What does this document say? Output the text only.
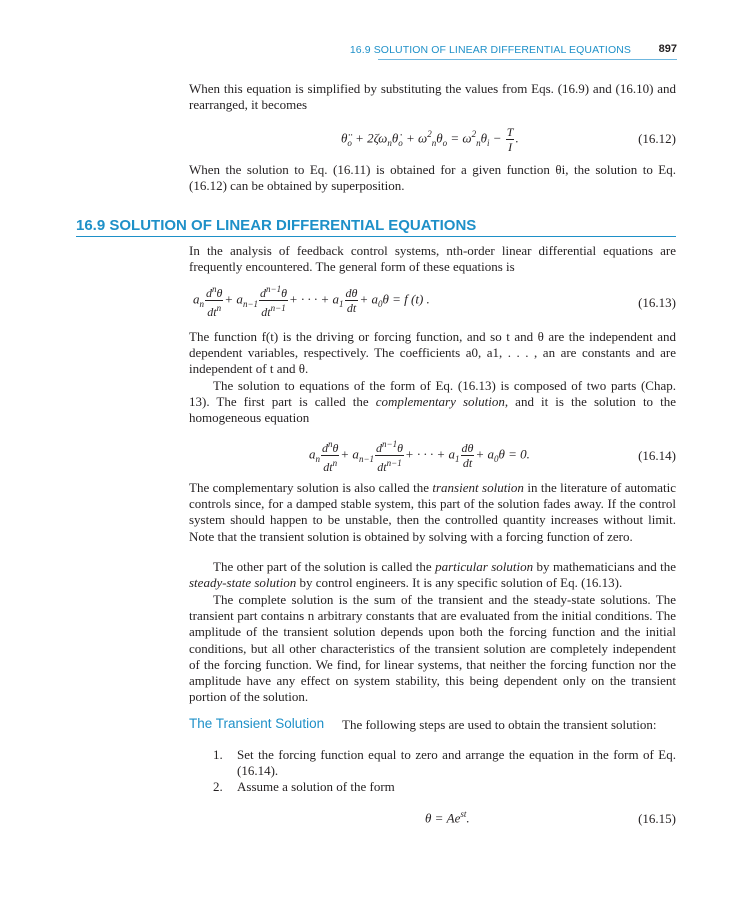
16.9 SOLUTION OF LINEAR DIFFERENTIAL EQUATIONS	897

When this equation is simplified by substituting the values from Eqs. (16.9) and (16.10) and rearranged, it becomes

$\thetä_o$ + $2\zeta\omega_n\thetȧ_o + \omega^2_n\theta_o = \omega^2_n\theta_i - \frac{T}{I}$ .	(16.12)

When the solution to Eq. (16.11) is obtained for a given function θi, the solution to Eq. (16.12) can be obtained by superposition.

16.9 SOLUTION OF LINEAR DIFFERENTIAL EQUATIONS

In the analysis of feedback control systems, nth-order linear differential equations are frequently encountered. The general form of these equations is

$a_n \frac{d^n\theta}{dt^n} + a_{n-1} \frac{d^{n-1}\theta}{dt^{n-1}}$ + · · · + $a_1 \frac{d\theta}{dt} + a_0\theta = f$ (t) .	(16.13)

The function f(t) is the driving or forcing function, and so t and θ are the independent and dependent variables, respectively. The coefficients a0, a1, . . . , an are constants and are independent of t and θ.

The solution to equations of the form of Eq. (16.13) is composed of two parts (Chap. 13). The first part is called the complementary solution, and it is the solution to the homogeneous equation

$a_n \frac{d^n\theta}{dt^n} + a_{n-1} \frac{d^{n-1}\theta}{dt^{n-1}}$ + · · · + $a_1 \frac{d\theta}{dt} + a_0\theta = 0$.	(16.14)

The complementary solution is also called the transient solution in the literature of automatic controls since, for a damped stable system, this part of the solution fades away. If the control system should happen to be unstable, then the controlled quantity increases without limit. Note that the transient solution is obtained by solving with a forcing function of zero.

The other part of the solution is called the particular solution by mathematicians and the steady-state solution by control engineers. It is any specific solution of Eq. (16.13).

The complete solution is the sum of the transient and the steady-state solutions. The transient part contains n arbitrary constants that are evaluated from the initial conditions. The amplitude of the transient solution depends upon both the forcing function and the initial conditions, but all other characteristics of the transient solution are completely independent of the forcing function. We find, for linear systems, that neither the forcing function nor the amplitude have any effect on system stability, this being dependent only on the transient portion of the solution.

The Transient Solution The following steps are used to obtain the transient solution:
1. Set the forcing function equal to zero and arrange the equation in the form of Eq. (16.14).
2. Assume a solution of the form
$\theta = Ae^{st}$.	(16.15)
